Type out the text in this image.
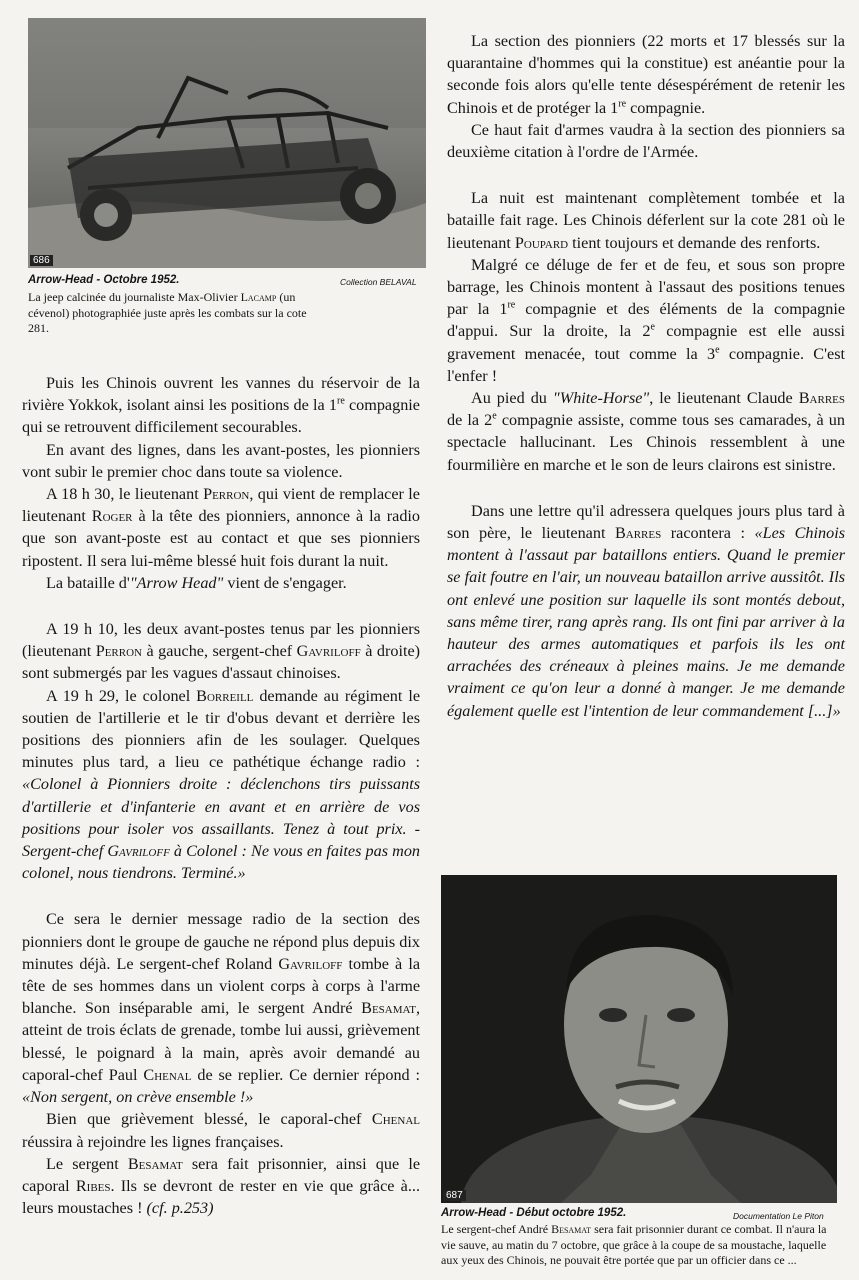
686
Arrow-Head - Octobre 1952.	Collection BELAVAL
La jeep calcinée du journaliste Max-Olivier Lacamp (un cévenol) photographiée juste après les combats sur la cote 281.

Puis les Chinois ouvrent les vannes du réservoir de la rivière Yokkok, isolant ainsi les positions de la 1re compagnie qui se retrouvent difficilement secourables.

En avant des lignes, dans les avant-postes, les pionniers vont subir le premier choc dans toute sa violence.

A 18 h 30, le lieutenant Perron, qui vient de remplacer le lieutenant Roger à la tête des pionniers, annonce à la radio que son avant-poste est au contact et que ses pionniers ripostent. Il sera lui-même blessé huit fois durant la nuit.

La bataille d'"Arrow Head" vient de s'engager.

A 19 h 10, les deux avant-postes tenus par les pionniers (lieutenant Perron à gauche, sergent-chef Gavriloff à droite) sont submergés par les vagues d'assaut chinoises.

A 19 h 29, le colonel Borreill demande au régiment le soutien de l'artillerie et le tir d'obus devant et derrière les positions des pionniers afin de les soulager. Quelques minutes plus tard, a lieu ce pathétique échange radio : «Colonel à Pionniers droite : déclenchons tirs puissants d'artillerie et d'infanterie en avant et en arrière de vos positions pour isoler vos assaillants. Tenez à tout prix. - Sergent-chef Gavriloff à Colonel : Ne vous en faites pas mon colonel, nous tiendrons. Terminé.»

Ce sera le dernier message radio de la section des pionniers dont le groupe de gauche ne répond plus depuis dix minutes déjà. Le sergent-chef Roland Gavriloff tombe à la tête de ses hommes dans un violent corps à corps à l'arme blanche. Son inséparable ami, le sergent André Besamat, atteint de trois éclats de grenade, tombe lui aussi, grièvement blessé, le poignard à la main, après avoir demandé au caporal-chef Paul Chenal de se replier. Ce dernier répond : «Non sergent, on crève ensemble !»

Bien que grièvement blessé, le caporal-chef Chenal réussira à rejoindre les lignes françaises.

Le sergent Besamat sera fait prisonnier, ainsi que le caporal Ribes. Ils se devront de rester en vie que grâce à... leurs moustaches ! (cf. p.253)

La section des pionniers (22 morts et 17 blessés sur la quarantaine d'hommes qui la constitue) est anéantie pour la seconde fois alors qu'elle tente désespérément de retenir les Chinois et de protéger la 1re compagnie.

Ce haut fait d'armes vaudra à la section des pionniers sa deuxième citation à l'ordre de l'Armée.

La nuit est maintenant complètement tombée et la bataille fait rage. Les Chinois déferlent sur la cote 281 où le lieutenant Poupard tient toujours et demande des renforts.

Malgré ce déluge de fer et de feu, et sous son propre barrage, les Chinois montent à l'assaut des positions tenues par la 1re compagnie et des éléments de la compagnie d'appui. Sur la droite, la 2e compagnie est elle aussi gravement menacée, tout comme la 3e compagnie. C'est l'enfer !

Au pied du "White-Horse", le lieutenant Claude Barres de la 2e compagnie assiste, comme tous ses camarades, à un spectacle hallucinant. Les Chinois ressemblent à une fourmilière en marche et le son de leurs clairons est sinistre.

Dans une lettre qu'il adressera quelques jours plus tard à son père, le lieutenant Barres racontera : «Les Chinois montent à l'assaut par bataillons entiers. Quand le premier se fait foutre en l'air, un nouveau bataillon arrive aussitôt. Ils ont enlevé une position sur laquelle ils sont montés debout, sans même tirer, rang après rang. Ils ont fini par arriver à la hauteur des armes automatiques et parfois ils les ont arrachées des créneaux à pleines mains. Je me demande vraiment ce qu'on leur a donné à manger. Je me demande également quelle est l'intention de leur commandement [...]»

687
Arrow-Head - Début octobre 1952.	Documentation Le Piton
Le sergent-chef André Besamat sera fait prisonnier durant ce combat. Il n'aura la vie sauve, au matin du 7 octobre, que grâce à la coupe de sa moustache, laquelle aux yeux des Chinois, ne pouvait être portée que par un officier dans ce ...
